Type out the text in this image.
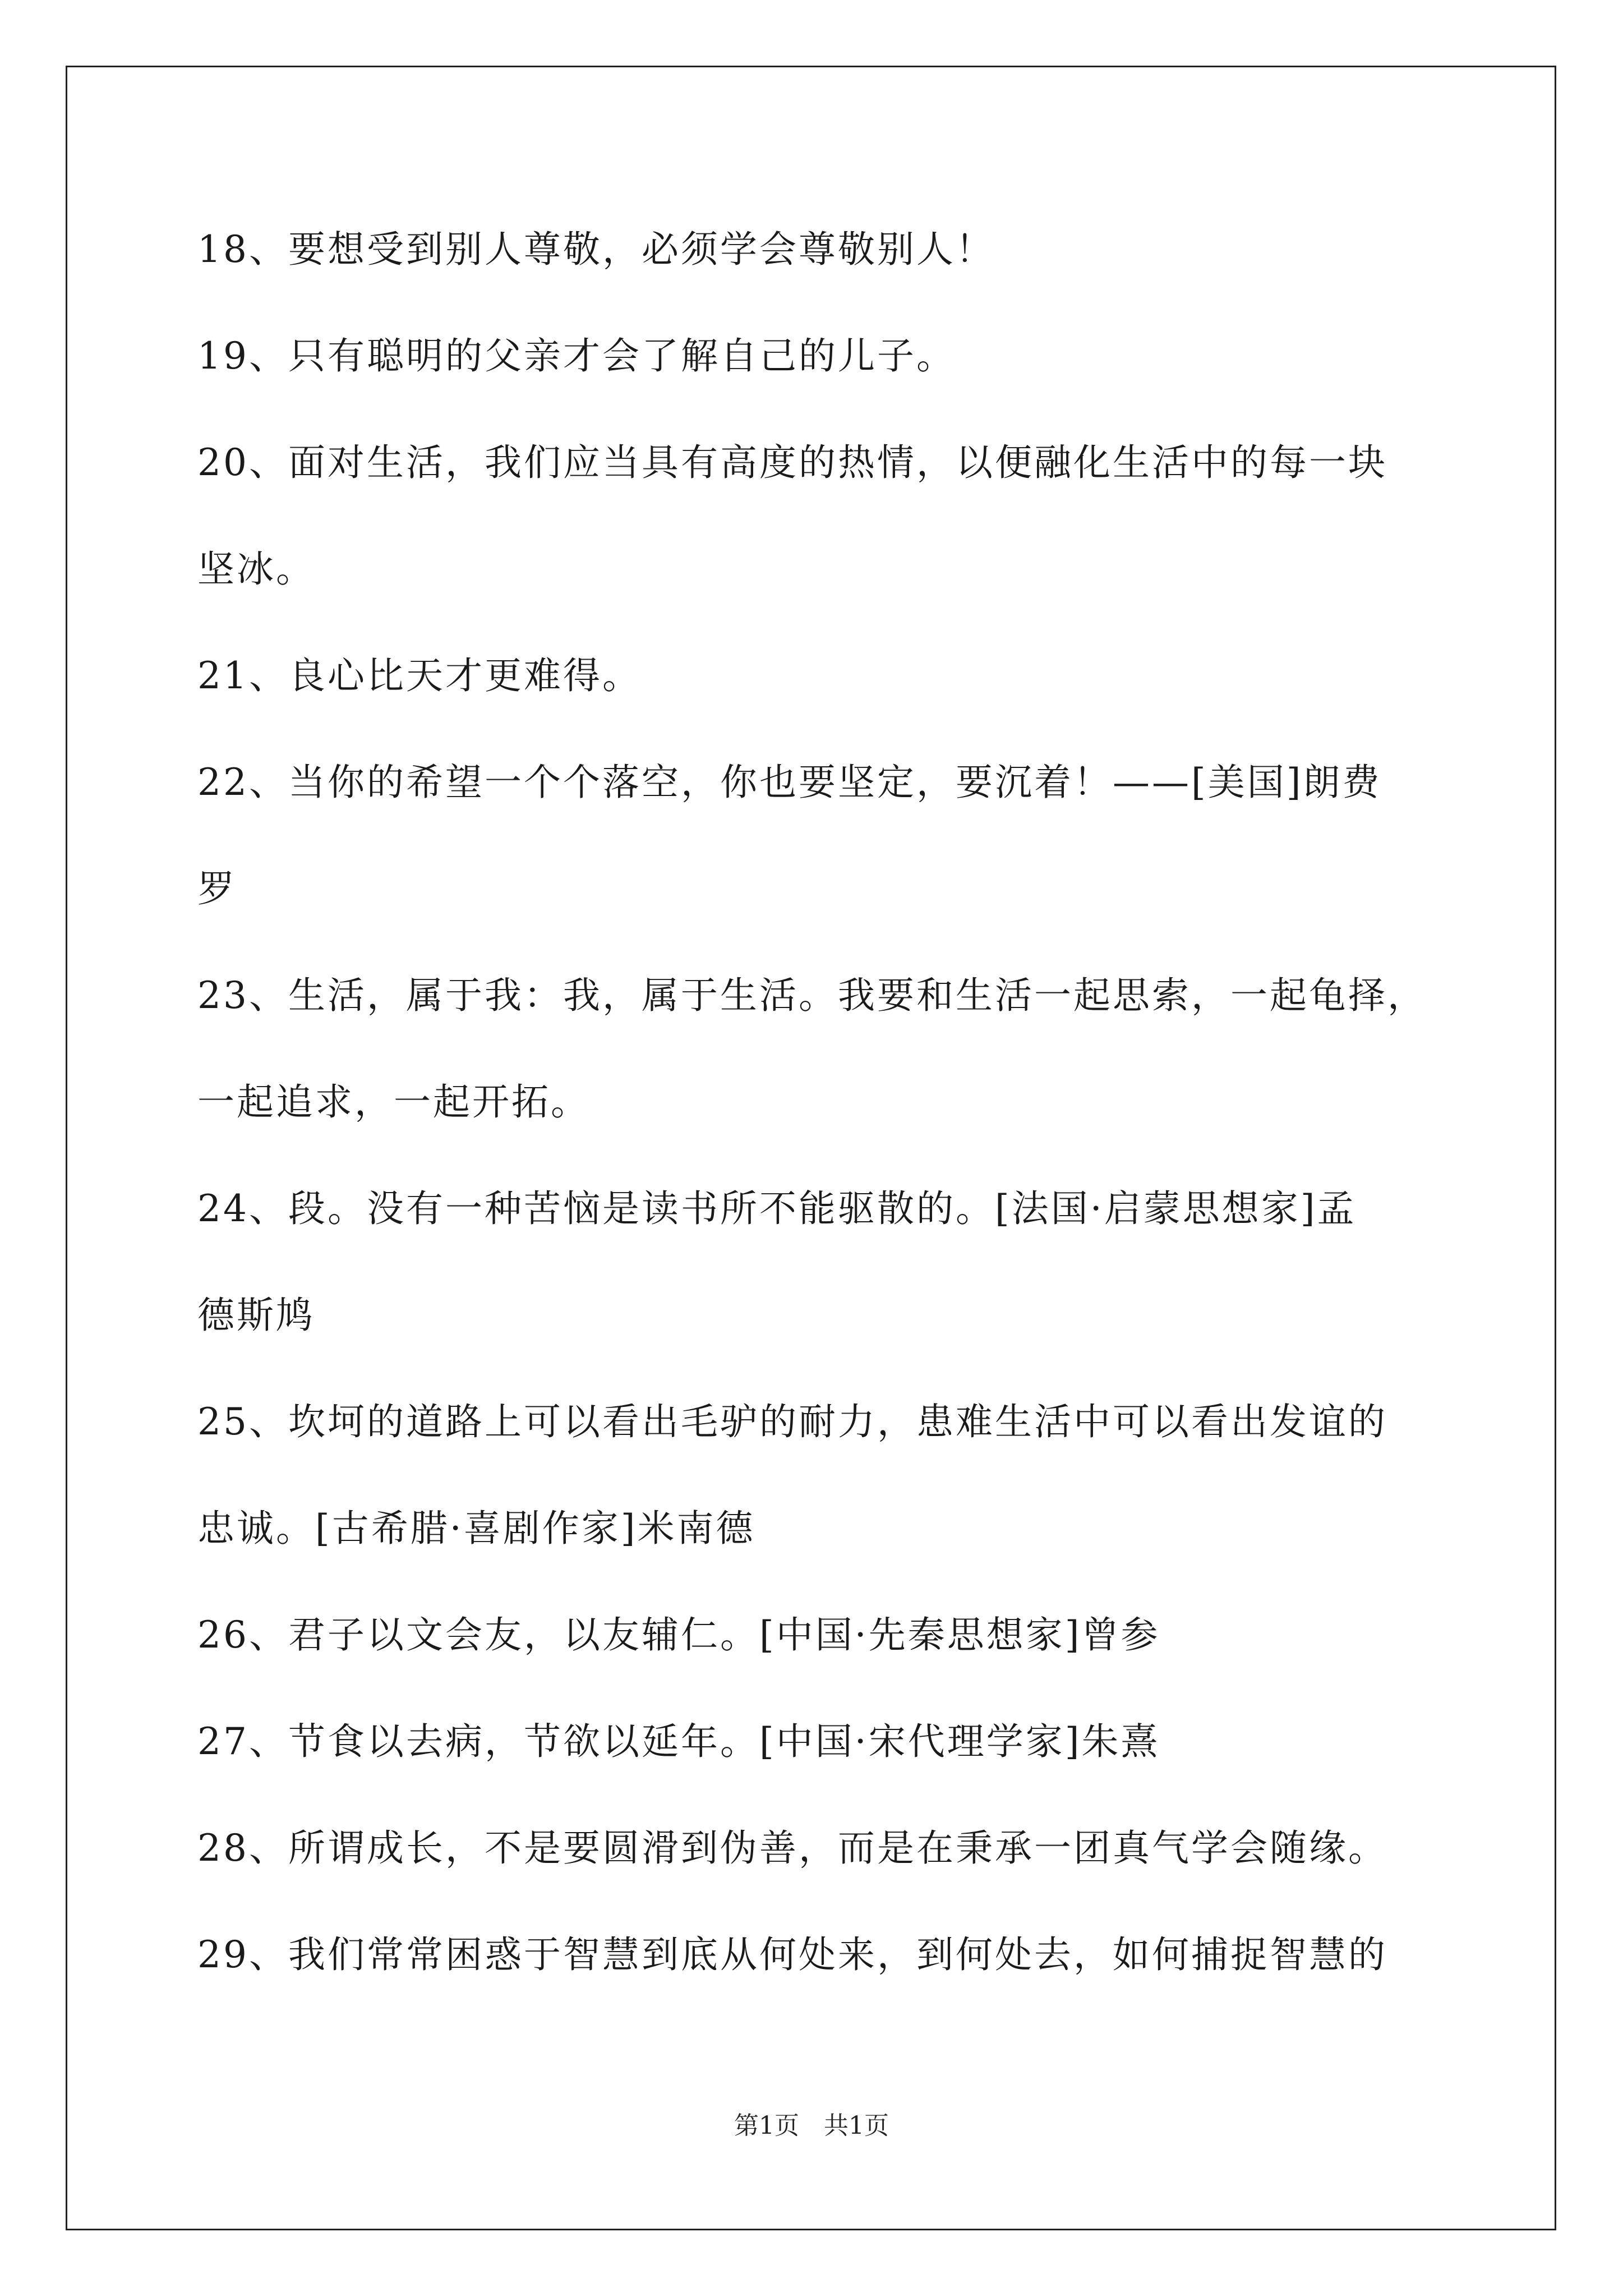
18、要想受到别人尊敬，必须学会尊敬别人！
19、只有聪明的父亲才会了解自己的儿子。
20、面对生活，我们应当具有高度的热情，以便融化生活中的每一块
坚冰。
21、良心比天才更难得。
22、当你的希望一个个落空，你也要坚定，要沉着！——[美国]朗费
罗
23、生活，属于我：我，属于生活。我要和生活一起思索，一起龟择，
一起追求，一起开拓。
24、段。没有一种苦恼是读书所不能驱散的。[法国·启蒙思想家]孟
德斯鸠
25、坎坷的道路上可以看出毛驴的耐力，患难生活中可以看出发谊的
忠诚。[古希腊·喜剧作家]米南德
26、君子以文会友，以友辅仁。[中国·先秦思想家]曾参
27、节食以去病，节欲以延年。[中国·宋代理学家]朱熹
28、所谓成长，不是要圆滑到伪善，而是在秉承一团真气学会随缘。
29、我们常常困惑于智慧到底从何处来，到何处去，如何捕捉智慧的
第1页　共1页
